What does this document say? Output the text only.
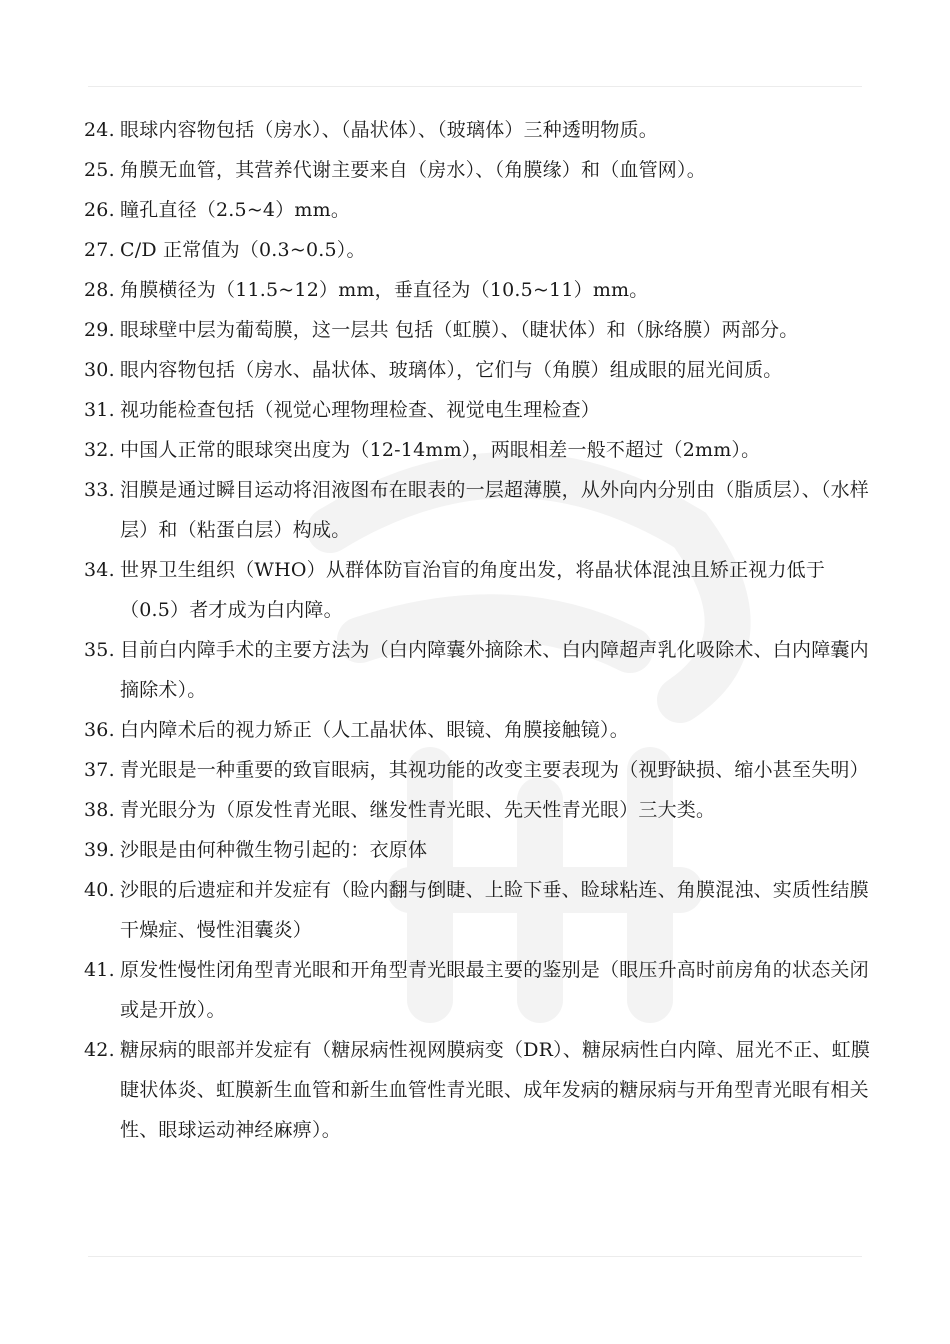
24. 眼球内容物包括（房水）、（晶状体）、（玻璃体）三种透明物质。
25. 角膜无血管，其营养代谢主要来自（房水）、（角膜缘）和（血管网）。
26. 瞳孔直径（2.5~4）mm。
27. C/D 正常值为（0.3~0.5）。
28. 角膜横径为（11.5~12）mm，垂直径为（10.5~11）mm。
29. 眼球壁中层为葡萄膜，这一层共 包括（虹膜）、（睫状体）和（脉络膜）两部分。
30. 眼内容物包括（房水、晶状体、玻璃体），它们与（角膜）组成眼的屈光间质。
31. 视功能检查包括（视觉心理物理检查、视觉电生理检查）
32. 中国人正常的眼球突出度为（12-14mm），两眼相差一般不超过（2mm）。
33. 泪膜是通过瞬目运动将泪液图布在眼表的一层超薄膜，从外向内分别由（脂质层）、（水样层）和（粘蛋白层）构成。
34. 世界卫生组织（WHO）从群体防盲治盲的角度出发，将晶状体混浊且矫正视力低于（0.5）者才成为白内障。
35. 目前白内障手术的主要方法为（白内障囊外摘除术、白内障超声乳化吸除术、白内障囊内摘除术）。
36. 白内障术后的视力矫正（人工晶状体、眼镜、角膜接触镜）。
37. 青光眼是一种重要的致盲眼病，其视功能的改变主要表现为（视野缺损、缩小甚至失明）
38. 青光眼分为（原发性青光眼、继发性青光眼、先天性青光眼）三大类。
39. 沙眼是由何种微生物引起的：衣原体
40. 沙眼的后遗症和并发症有（睑内翻与倒睫、上睑下垂、睑球粘连、角膜混浊、实质性结膜干燥症、慢性泪囊炎）
41. 原发性慢性闭角型青光眼和开角型青光眼最主要的鉴别是（眼压升高时前房角的状态关闭或是开放）。
42. 糖尿病的眼部并发症有（糖尿病性视网膜病变（DR）、糖尿病性白内障、屈光不正、虹膜睫状体炎、虹膜新生血管和新生血管性青光眼、成年发病的糖尿病与开角型青光眼有相关性、眼球运动神经麻痹）。
